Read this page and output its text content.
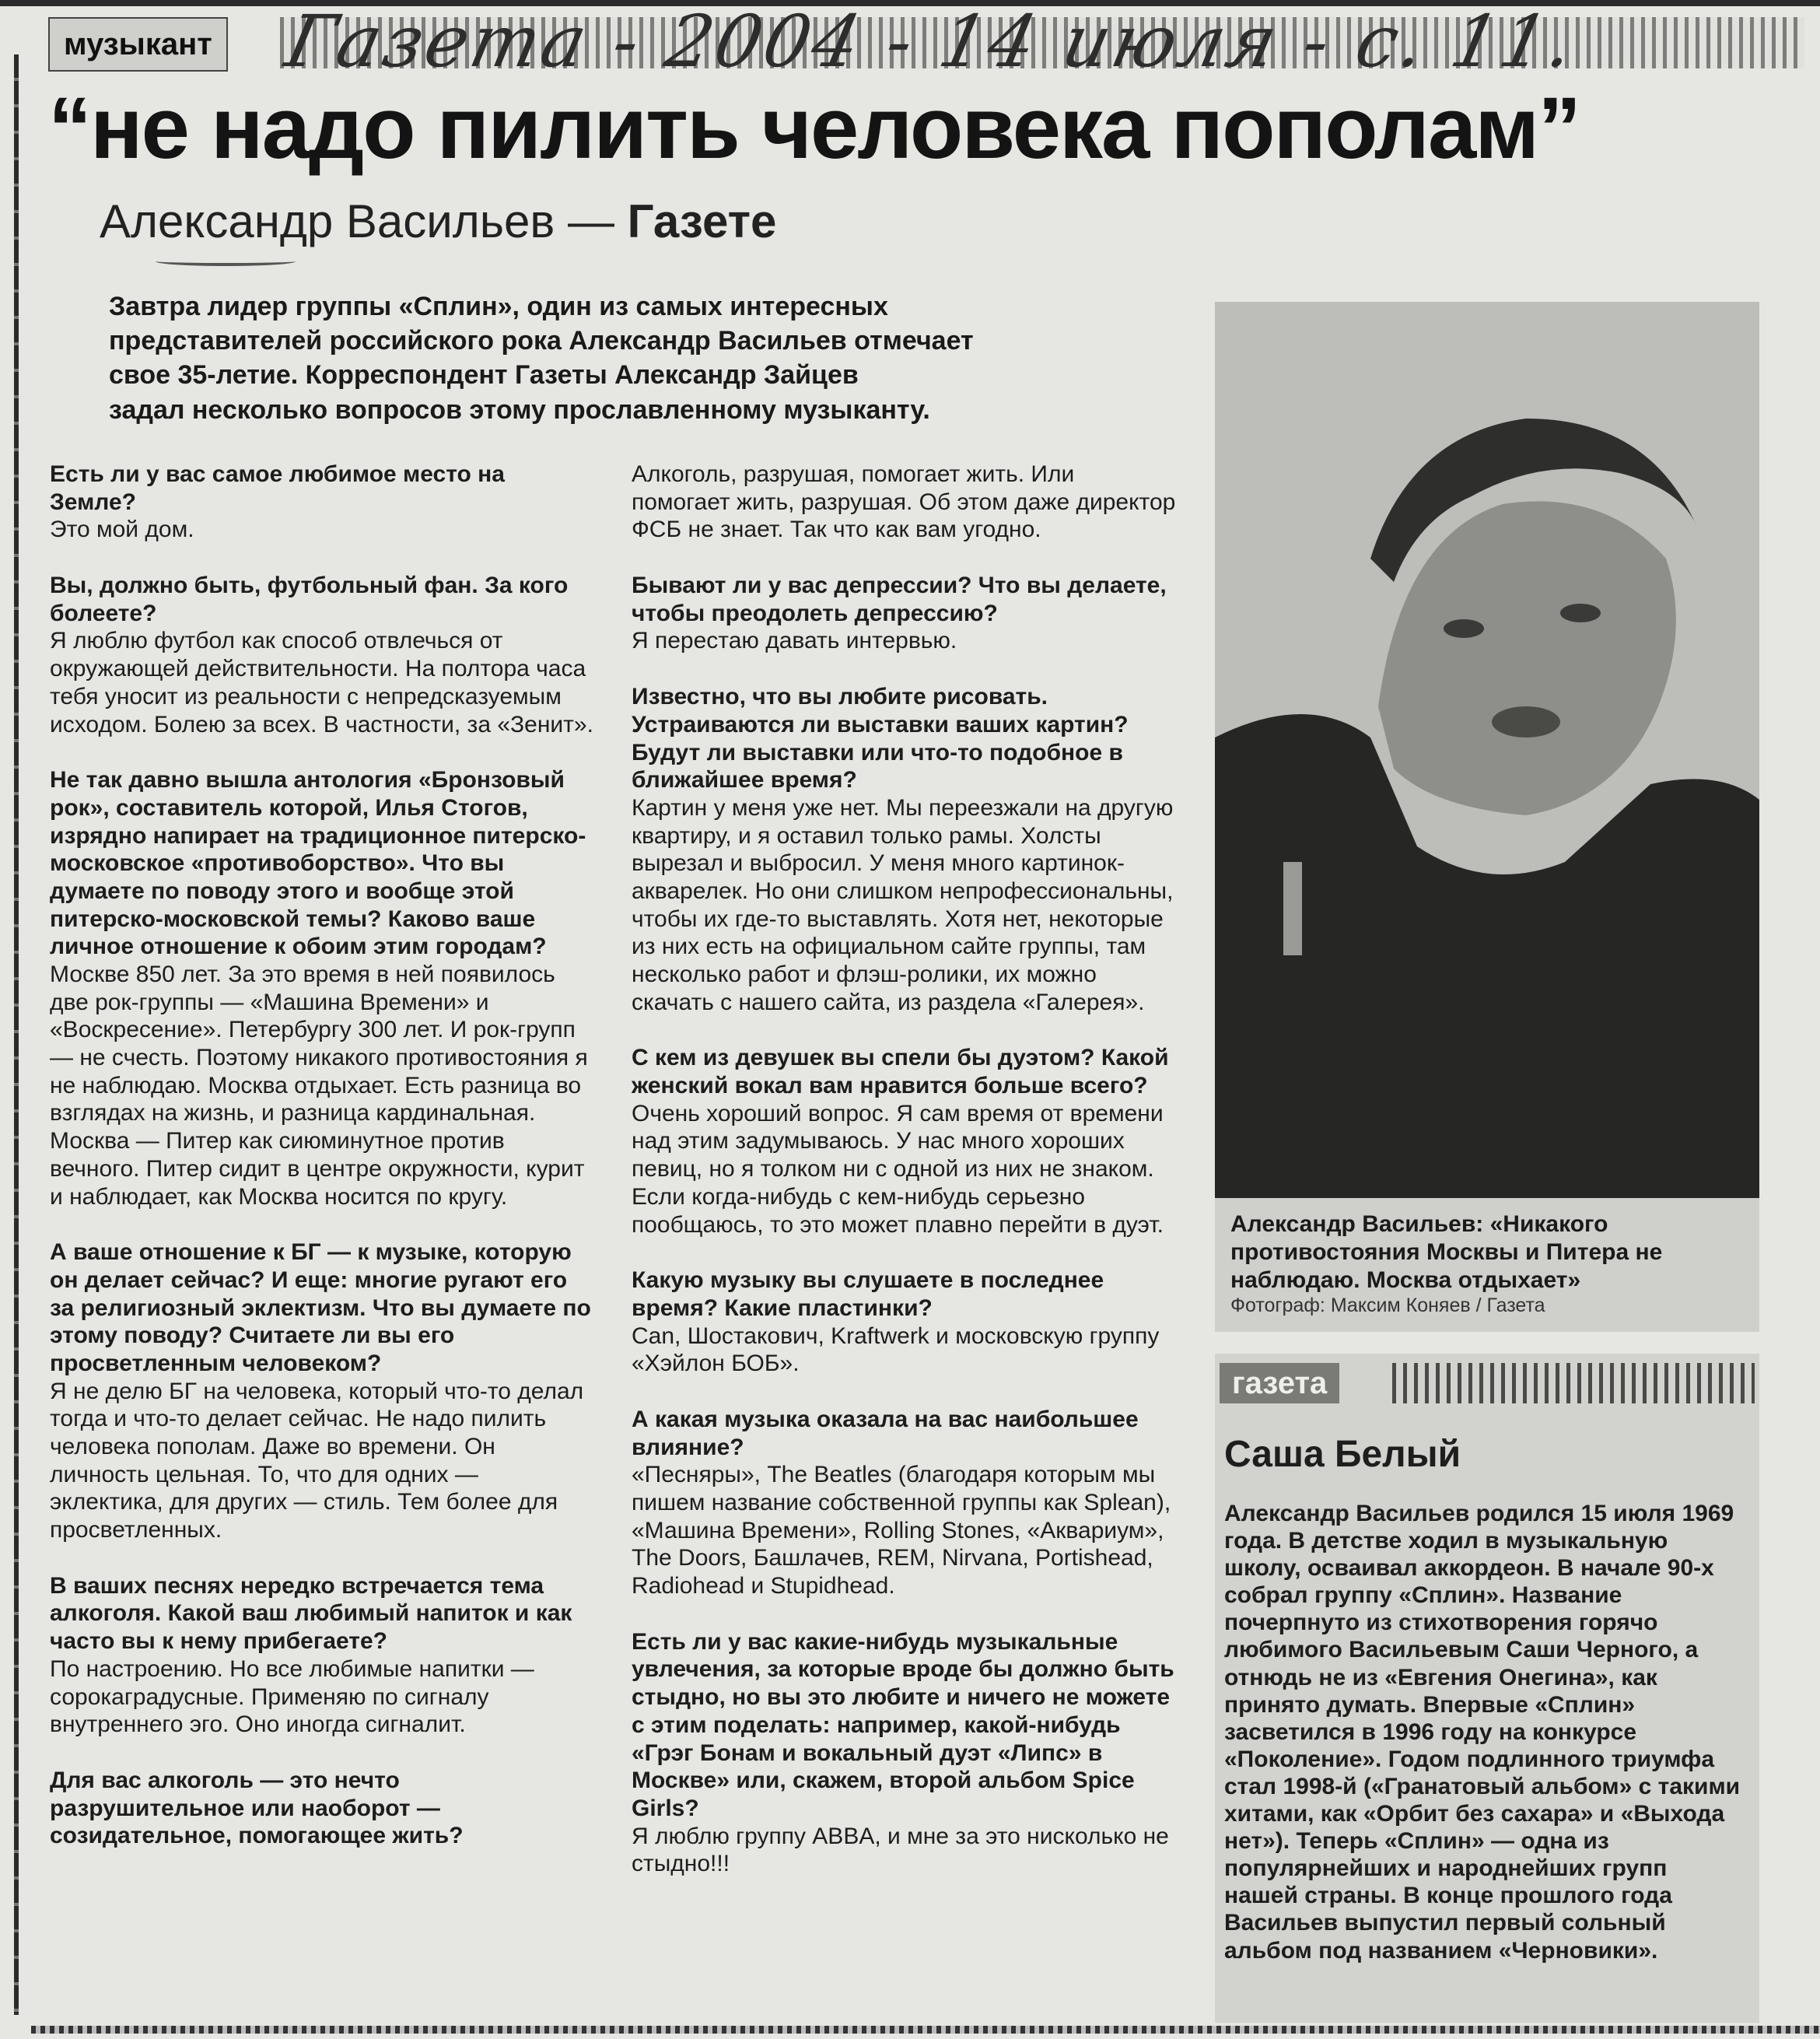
музыкант Газета - 2004 - 14 июля - с. 11.
“не надо пилить человека пополам”
Александр Васильев — Газете

Завтра лидер группы «Сплин», один из самых интересных

представителей российского рока Александр Васильев отмечает

свое 35-летие. Корреспондент Газеты Александр Зайцев

задал несколько вопросов этому прославленному музыканту.

Есть ли у вас самое любимое место на Земле?
Это мой дом.
Вы, должно быть, футбольный фан. За кого болеете?
Я люблю футбол как способ отвлечься от окружающей действительности. На полтора часа тебя уносит из реальности с непредсказуемым исходом. Болею за всех. В частности, за «Зенит».
Не так давно вышла антология «Бронзовый рок», составитель которой, Илья Стогов, изрядно напирает на традиционное питерско-московское «противоборство». Что вы думаете по поводу этого и вообще этой питерско-московской темы? Каково ваше личное отношение к обоим этим городам?
Москве 850 лет. За это время в ней появилось две рок-группы — «Машина Времени» и «Воскресение». Петербургу 300 лет. И рок-групп — не счесть. Поэтому никакого противостояния я не наблюдаю. Москва отдыхает. Есть разница во взглядах на жизнь, и разница кардинальная. Москва — Питер как сиюминутное против вечного. Питер сидит в центре окружности, курит и наблюдает, как Москва носится по кругу.
А ваше отношение к БГ — к музыке, которую он делает сейчас? И еще: многие ругают его за религиозный эклектизм. Что вы думаете по этому поводу? Считаете ли вы его просветленным человеком?
Я не делю БГ на человека, который что-то делал тогда и что-то делает сейчас. Не надо пилить человека пополам. Даже во времени. Он личность цельная. То, что для одних — эклектика, для других — стиль. Тем более для просветленных.
В ваших песнях нередко встречается тема алкоголя. Какой ваш любимый напиток и как часто вы к нему прибегаете?
По настроению. Но все любимые напитки — сорокаградусные. Применяю по сигналу внутреннего эго. Оно иногда сигналит.
Для вас алкоголь — это нечто разрушительное или наоборот — созидательное, помогающее жить?
Алкоголь, разрушая, помогает жить. Или помогает жить, разрушая. Об этом даже директор ФСБ не знает. Так что как вам угодно.
Бывают ли у вас депрессии? Что вы делаете, чтобы преодолеть депрессию?
Я перестаю давать интервью.
Известно, что вы любите рисовать. Устраиваются ли выставки ваших картин? Будут ли выставки или что-то подобное в ближайшее время?
Картин у меня уже нет. Мы переезжали на другую квартиру, и я оставил только рамы. Холсты вырезал и выбросил. У меня много картинок-акварелек. Но они слишком непрофессиональны, чтобы их где-то выставлять. Хотя нет, некоторые из них есть на официальном сайте группы, там несколько работ и флэш-ролики, их можно скачать с нашего сайта, из раздела «Галерея».
С кем из девушек вы спели бы дуэтом? Какой женский вокал вам нравится больше всего?
Очень хороший вопрос. Я сам время от времени над этим задумываюсь. У нас много хороших певиц, но я толком ни с одной из них не знаком. Если когда-нибудь с кем-нибудь серьезно пообщаюсь, то это может плавно перейти в дуэт.
Какую музыку вы слушаете в последнее время? Какие пластинки?
Can, Шостакович, Kraftwerk и московскую группу «Хэйлон БОБ».
А какая музыка оказала на вас наибольшее влияние?
«Песняры», The Beatles (благодаря которым мы пишем название собственной группы как Splean), «Машина Времени», Rolling Stones, «Аквариум», The Doors, Башлачев, REM, Nirvana, Portishead, Radiohead и Stupidhead.
Есть ли у вас какие-нибудь музыкальные увлечения, за которые вроде бы должно быть стыдно, но вы это любите и ничего не можете с этим поделать: например, какой-нибудь «Грэг Бонам и вокальный дуэт «Липс» в Москве» или, скажем, второй альбом Spice Girls?
Я люблю группу ABBA, и мне за это нисколько не стыдно!!!
Александр Васильев: «Никакого противостояния Москвы и Питера не наблюдаю. Москва отдыхает»
Фотограф: Максим Коняев / Газета
газета
Саша Белый
Александр Васильев родился 15 июля 1969 года. В детстве ходил в музыкальную школу, осваивал аккордеон. В начале 90-х собрал группу «Сплин». Название почерпнуто из стихотворения горячо любимого Васильевым Саши Черного, а отнюдь не из «Евгения Онегина», как принято думать. Впервые «Сплин» засветился в 1996 году на конкурсе «Поколение». Годом подлинного триумфа стал 1998-й («Гранатовый альбом» с такими хитами, как «Орбит без сахара» и «Выхода нет»). Теперь «Сплин» — одна из популярнейших и народнейших групп нашей страны. В конце прошлого года Васильев выпустил первый сольный альбом под названием «Черновики».
